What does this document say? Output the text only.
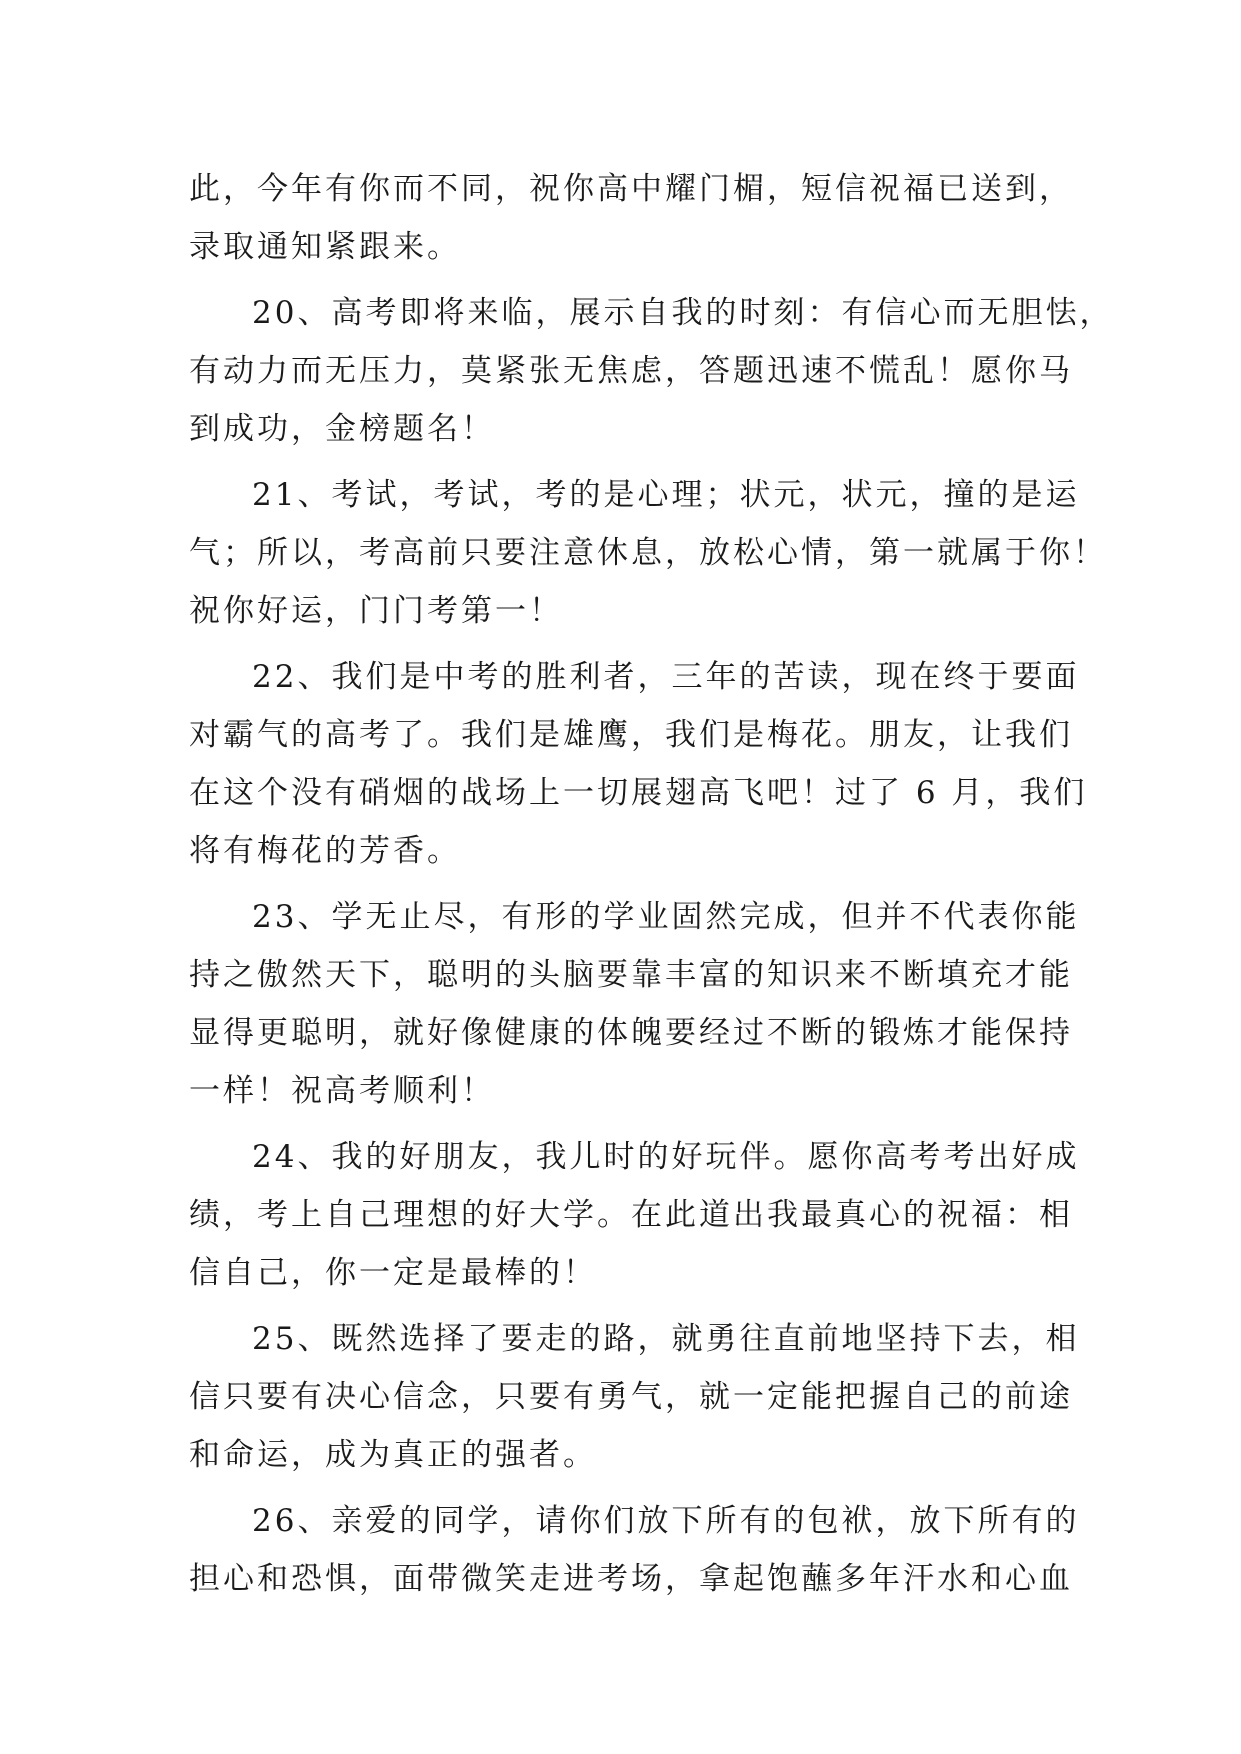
此，今年有你而不同，祝你高中耀门楣，短信祝福已送到，
录取通知紧跟来。
20、高考即将来临，展示自我的时刻：有信心而无胆怯，
有动力而无压力，莫紧张无焦虑，答题迅速不慌乱！愿你马
到成功，金榜题名！
21、考试，考试，考的是心理；状元，状元，撞的是运
气；所以，考高前只要注意休息，放松心情，第一就属于你！
祝你好运，门门考第一！
22、我们是中考的胜利者，三年的苦读，现在终于要面
对霸气的高考了。我们是雄鹰，我们是梅花。朋友，让我们
在这个没有硝烟的战场上一切展翅高飞吧！过了 6 月，我们
将有梅花的芳香。
23、学无止尽，有形的学业固然完成，但并不代表你能
持之傲然天下，聪明的头脑要靠丰富的知识来不断填充才能
显得更聪明，就好像健康的体魄要经过不断的锻炼才能保持
一样！祝高考顺利！
24、我的好朋友，我儿时的好玩伴。愿你高考考出好成
绩，考上自己理想的好大学。在此道出我最真心的祝福：相
信自己，你一定是最棒的！
25、既然选择了要走的路，就勇往直前地坚持下去，相
信只要有决心信念，只要有勇气，就一定能把握自己的前途
和命运，成为真正的强者。
26、亲爱的同学，请你们放下所有的包袱，放下所有的
担心和恐惧，面带微笑走进考场，拿起饱蘸多年汗水和心血
